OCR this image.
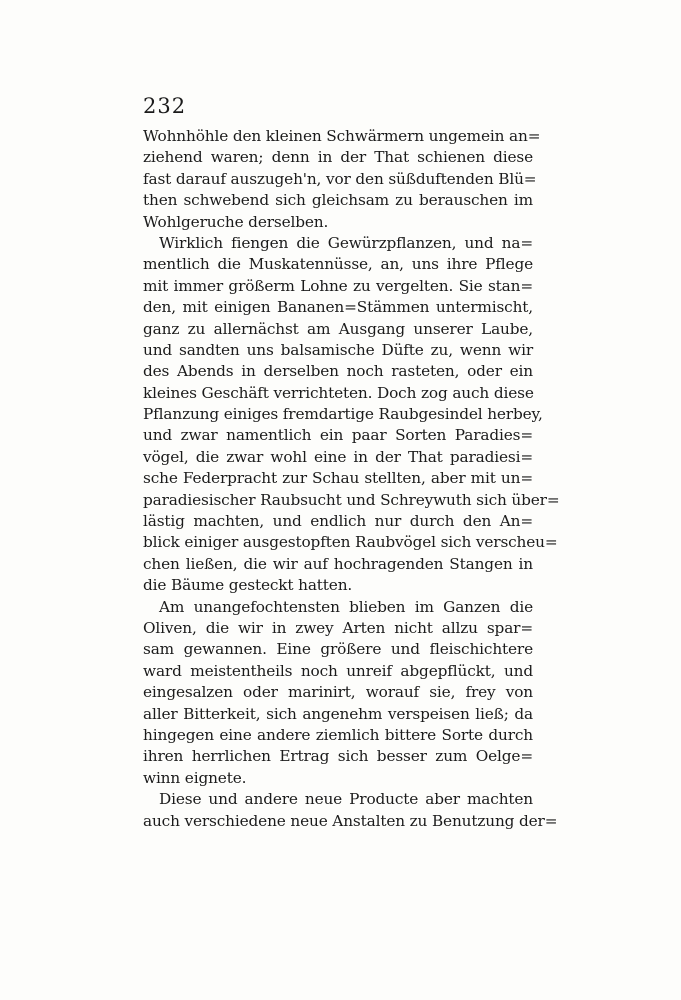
232
Wohnhöhle den kleinen Schwärmern ungemein an=
ziehend waren; denn in der That schienen diese
fast darauf auszugeh'n, vor den süßduftenden Blü=
then schwebend sich gleichsam zu berauschen im
Wohlgeruche derselben.
Wirklich fiengen die Gewürzpflanzen, und na=
mentlich die Muskatennüsse, an, uns ihre Pflege
mit immer größerm Lohne zu vergelten. Sie stan=
den, mit einigen Bananen=Stämmen untermischt,
ganz zu allernächst am Ausgang unserer Laube,
und sandten uns balsamische Düfte zu, wenn wir
des Abends in derselben noch rasteten, oder ein
kleines Geschäft verrichteten. Doch zog auch diese
Pflanzung einiges fremdartige Raubgesindel herbey,
und zwar namentlich ein paar Sorten Paradies=
vögel, die zwar wohl eine in der That paradiesi=
sche Federpracht zur Schau stellten, aber mit un=
paradiesischer Raubsucht und Schreywuth sich über=
lästig machten, und endlich nur durch den An=
blick einiger ausgestopften Raubvögel sich verscheu=
chen ließen, die wir auf hochragenden Stangen in
die Bäume gesteckt hatten.
Am unangefochtensten blieben im Ganzen die
Oliven, die wir in zwey Arten nicht allzu spar=
sam gewannen. Eine größere und fleischichtere
ward meistentheils noch unreif abgepflückt, und
eingesalzen oder marinirt, worauf sie, frey von
aller Bitterkeit, sich angenehm verspeisen ließ; da
hingegen eine andere ziemlich bittere Sorte durch
ihren herrlichen Ertrag sich besser zum Oelge=
winn eignete.
Diese und andere neue Producte aber machten
auch verschiedene neue Anstalten zu Benutzung der=
